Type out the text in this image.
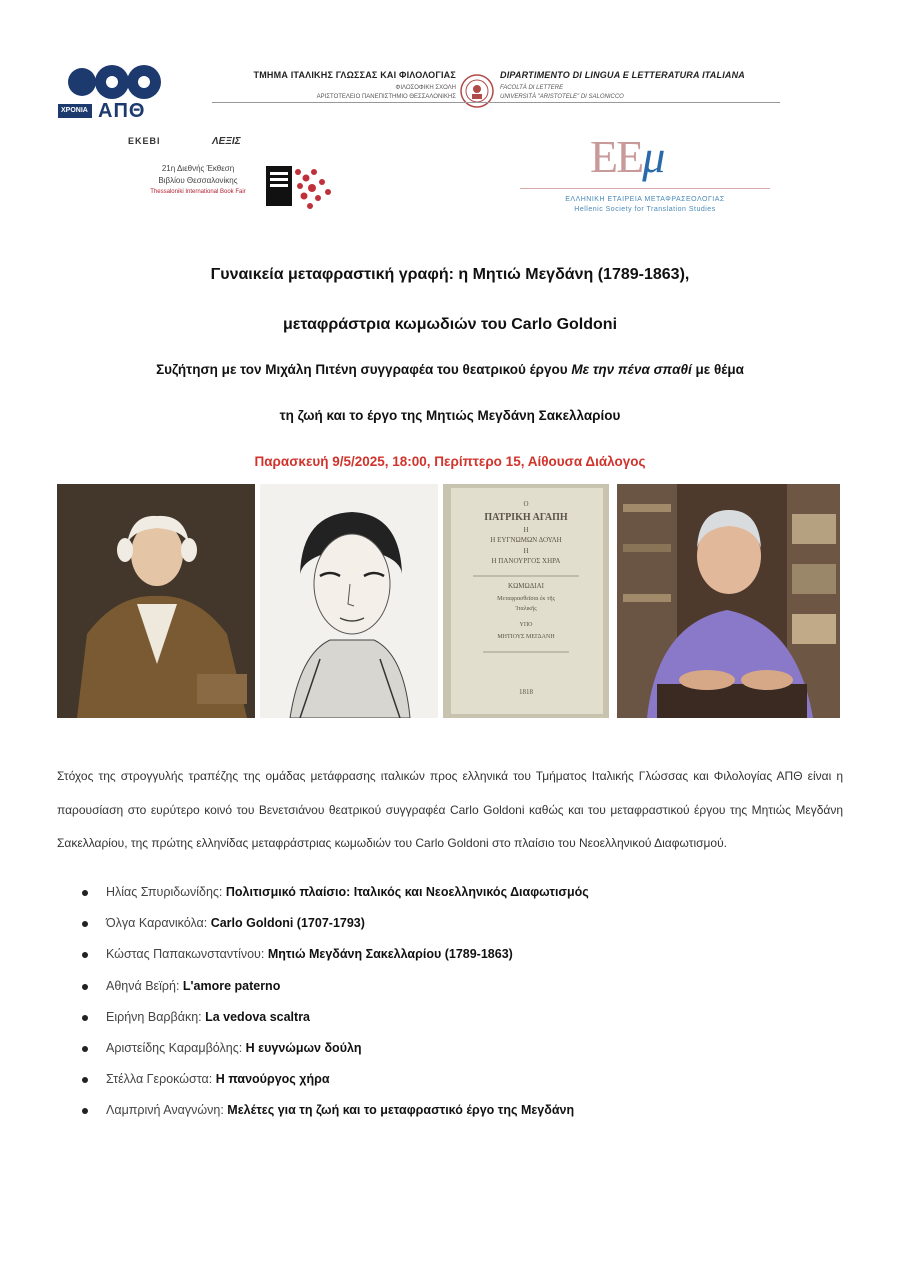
ΧΡΟΝΙΑ ΑΠΘ
ΤΜΗΜΑ ΙΤΑΛΙΚΗΣ ΓΛΩΣΣΑΣ ΚΑΙ ΦΙΛΟΛΟΓΙΑΣ
ΦΙΛΟΣΟΦΙΚΗ ΣΧΟΛΗ
ΑΡΙΣΤΟΤΕΛΕΙΟ ΠΑΝΕΠΙΣΤΗΜΙΟ ΘΕΣΣΑΛΟΝΙΚΗΣ
DIPARTIMENTO DI LINGUA E LETTERATURA ITALIANA
FACOLTÀ DI LETTERE
UNIVERSITÀ "ARISTOTELE" DI SALONICCO
EKEBI	ΛΕΞΙΣ
21η Διεθνής Έκθεση
Βιβλίου Θεσσαλονίκης
Thessaloniki International Book Fair
ΕΕμ
ΕΛΛΗΝΙΚΗ ΕΤΑΙΡΕΙΑ ΜΕΤΑΦΡΑΣΕΟΛΟΓΙΑΣ
Hellenic Society for Translation Studies
Γυναικεία μεταφραστική γραφή: η Μητιώ Μεγδάνη (1789-1863),
μεταφράστρια κωμωδιών του Carlo Goldoni
Συζήτηση με τον Μιχάλη Πιτένη συγγραφέα του θεατρικού έργου Με την πένα σπαθί με θέμα
τη ζωή και το έργο της Μητιώς Μεγδάνη Σακελλαρίου
Παρασκευή 9/5/2025, 18:00, Περίπτερο 15, Αίθουσα Διάλογος
Ο
ΠΑΤΡΙΚΗ ΑΓΑΠΗ
Η
Η ΕΥΓΝΩΜΩΝ ΔΟΥΛΗ
Η
Η ΠΑΝΟΥΡΓΟΣ ΧΗΡΑ
ΚΩΜΩΔΙΑΙ
Μεταφρασθεῖσαι ἐκ τῆς
Ἰταλικῆς
ΥΠΟ
ΜΗΤΙΟΥΣ ΜΕΓΔΑΝΗ
1818
Στόχος της στρογγυλής τραπέζης της ομάδας μετάφρασης ιταλικών προς ελληνικά του Τμήματος Ιταλικής Γλώσσας και Φιλολογίας ΑΠΘ είναι η παρουσίαση στο ευρύτερο κοινό του Βενετσιάνου θεατρικού συγγραφέα Carlo Goldoni καθώς και του μεταφραστικού έργου της Μητιώς Μεγδάνη Σακελλαρίου, της πρώτης ελληνίδας μεταφράστριας κωμωδιών του Carlo Goldoni στο πλαίσιο του Νεοελληνικού Διαφωτισμού.
Ηλίας Σπυριδωνίδης: Πολιτισμικό πλαίσιο: Ιταλικός και Νεοελληνικός Διαφωτισμός
Όλγα Καρανικόλα: Carlo Goldoni (1707-1793)
Κώστας Παπακωνσταντίνου: Μητιώ Μεγδάνη Σακελλαρίου (1789-1863)
Αθηνά Βεϊρή: L'amore paterno
Ειρήνη Βαρβάκη: La vedova scaltra
Αριστείδης Καραμβόλης: Η ευγνώμων δούλη
Στέλλα Γεροκώστα: Η πανούργος χήρα
Λαμπρινή Αναγνώνη: Μελέτες για τη ζωή και το μεταφραστικό έργο της Μεγδάνη
